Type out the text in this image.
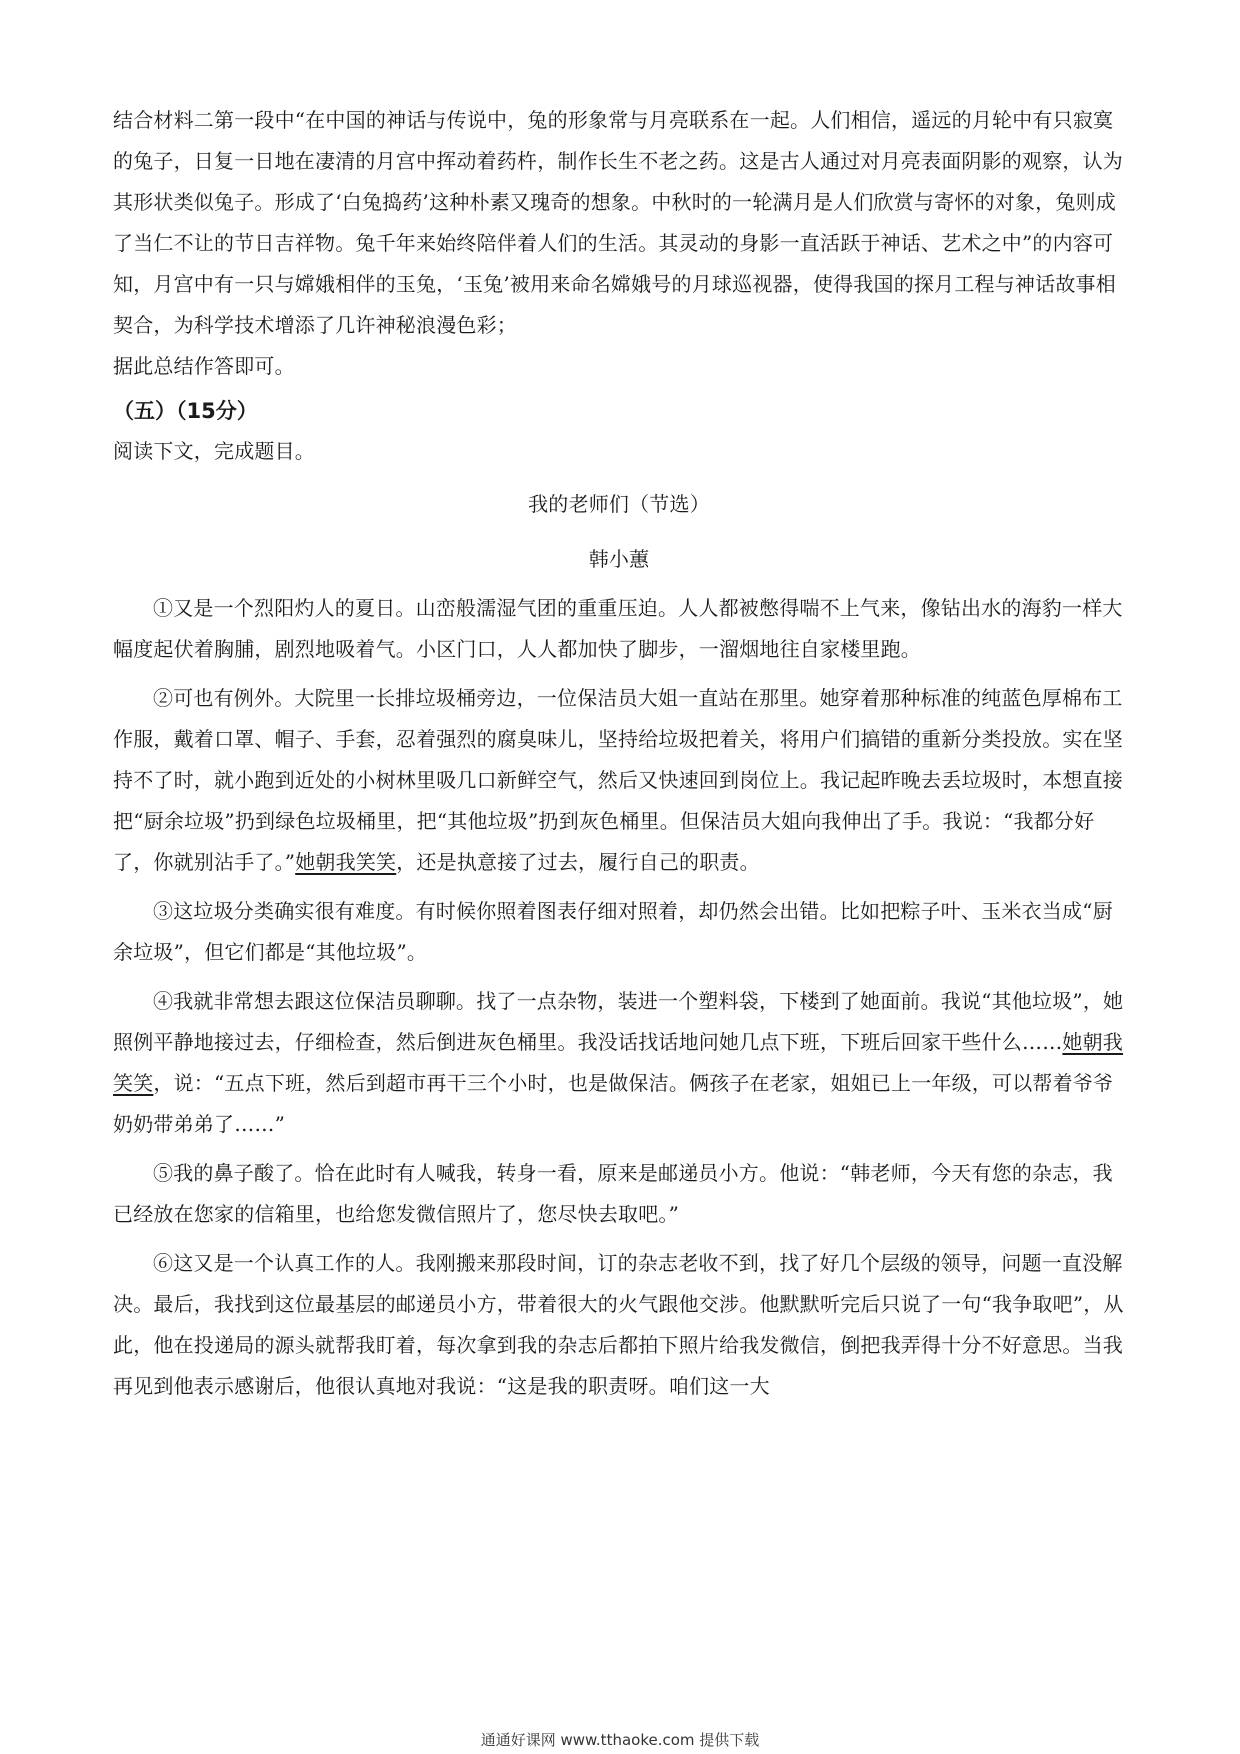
结合材料二第一段中“在中国的神话与传说中，兔的形象常与月亮联系在一起。人们相信，遥远的月轮中有只寂寞的兔子，日复一日地在凄清的月宫中挥动着药杵，制作长生不老之药。这是古人通过对月亮表面阴影的观察，认为其形状类似兔子。形成了‘白兔捣药’这种朴素又瑰奇的想象。中秋时的一轮满月是人们欣赏与寄怀的对象，兔则成了当仁不让的节日吉祥物。兔千年来始终陪伴着人们的生活。其灵动的身影一直活跃于神话、艺术之中”的内容可知，月宫中有一只与嫦娥相伴的玉兔，‘玉兔’被用来命名嫦娥号的月球巡视器，使得我国的探月工程与神话故事相契合，为科学技术增添了几许神秘浪漫色彩；

据此总结作答即可。

（五）（15分）

阅读下文，完成题目。

我的老师们（节选）

韩小蕙

①又是一个烈阳灼人的夏日。山峦般濡湿气团的重重压迫。人人都被憋得喘不上气来，像钻出水的海豹一样大幅度起伏着胸脯，剧烈地吸着气。小区门口，人人都加快了脚步，一溜烟地往自家楼里跑。

②可也有例外。大院里一长排垃圾桶旁边，一位保洁员大姐一直站在那里。她穿着那种标准的纯蓝色厚棉布工作服，戴着口罩、帽子、手套，忍着强烈的腐臭味儿，坚持给垃圾把着关，将用户们搞错的重新分类投放。实在坚持不了时，就小跑到近处的小树林里吸几口新鲜空气，然后又快速回到岗位上。我记起昨晚去丢垃圾时，本想直接把“厨余垃圾”扔到绿色垃圾桶里，把“其他垃圾”扔到灰色桶里。但保洁员大姐向我伸出了手。我说：“我都分好了，你就别沾手了。”她朝我笑笑，还是执意接了过去，履行自己的职责。

③这垃圾分类确实很有难度。有时候你照着图表仔细对照着，却仍然会出错。比如把粽子叶、玉米衣当成“厨余垃圾”，但它们都是“其他垃圾”。

④我就非常想去跟这位保洁员聊聊。找了一点杂物，装进一个塑料袋，下楼到了她面前。我说“其他垃圾”，她照例平静地接过去，仔细检查，然后倒进灰色桶里。我没话找话地问她几点下班，下班后回家干些什么……她朝我笑笑，说：“五点下班，然后到超市再干三个小时，也是做保洁。俩孩子在老家，姐姐已上一年级，可以帮着爷爷奶奶带弟弟了……”

⑤我的鼻子酸了。恰在此时有人喊我，转身一看，原来是邮递员小方。他说：“韩老师，今天有您的杂志，我已经放在您家的信箱里，也给您发微信照片了，您尽快去取吧。”

⑥这又是一个认真工作的人。我刚搬来那段时间，订的杂志老收不到，找了好几个层级的领导，问题一直没解决。最后，我找到这位最基层的邮递员小方，带着很大的火气跟他交涉。他默默听完后只说了一句“我争取吧”，从此，他在投递局的源头就帮我盯着，每次拿到我的杂志后都拍下照片给我发微信，倒把我弄得十分不好意思。当我再见到他表示感谢后，他很认真地对我说：“这是我的职责呀。咱们这一大

通通好课网 www.tthaoke.com 提供下载
